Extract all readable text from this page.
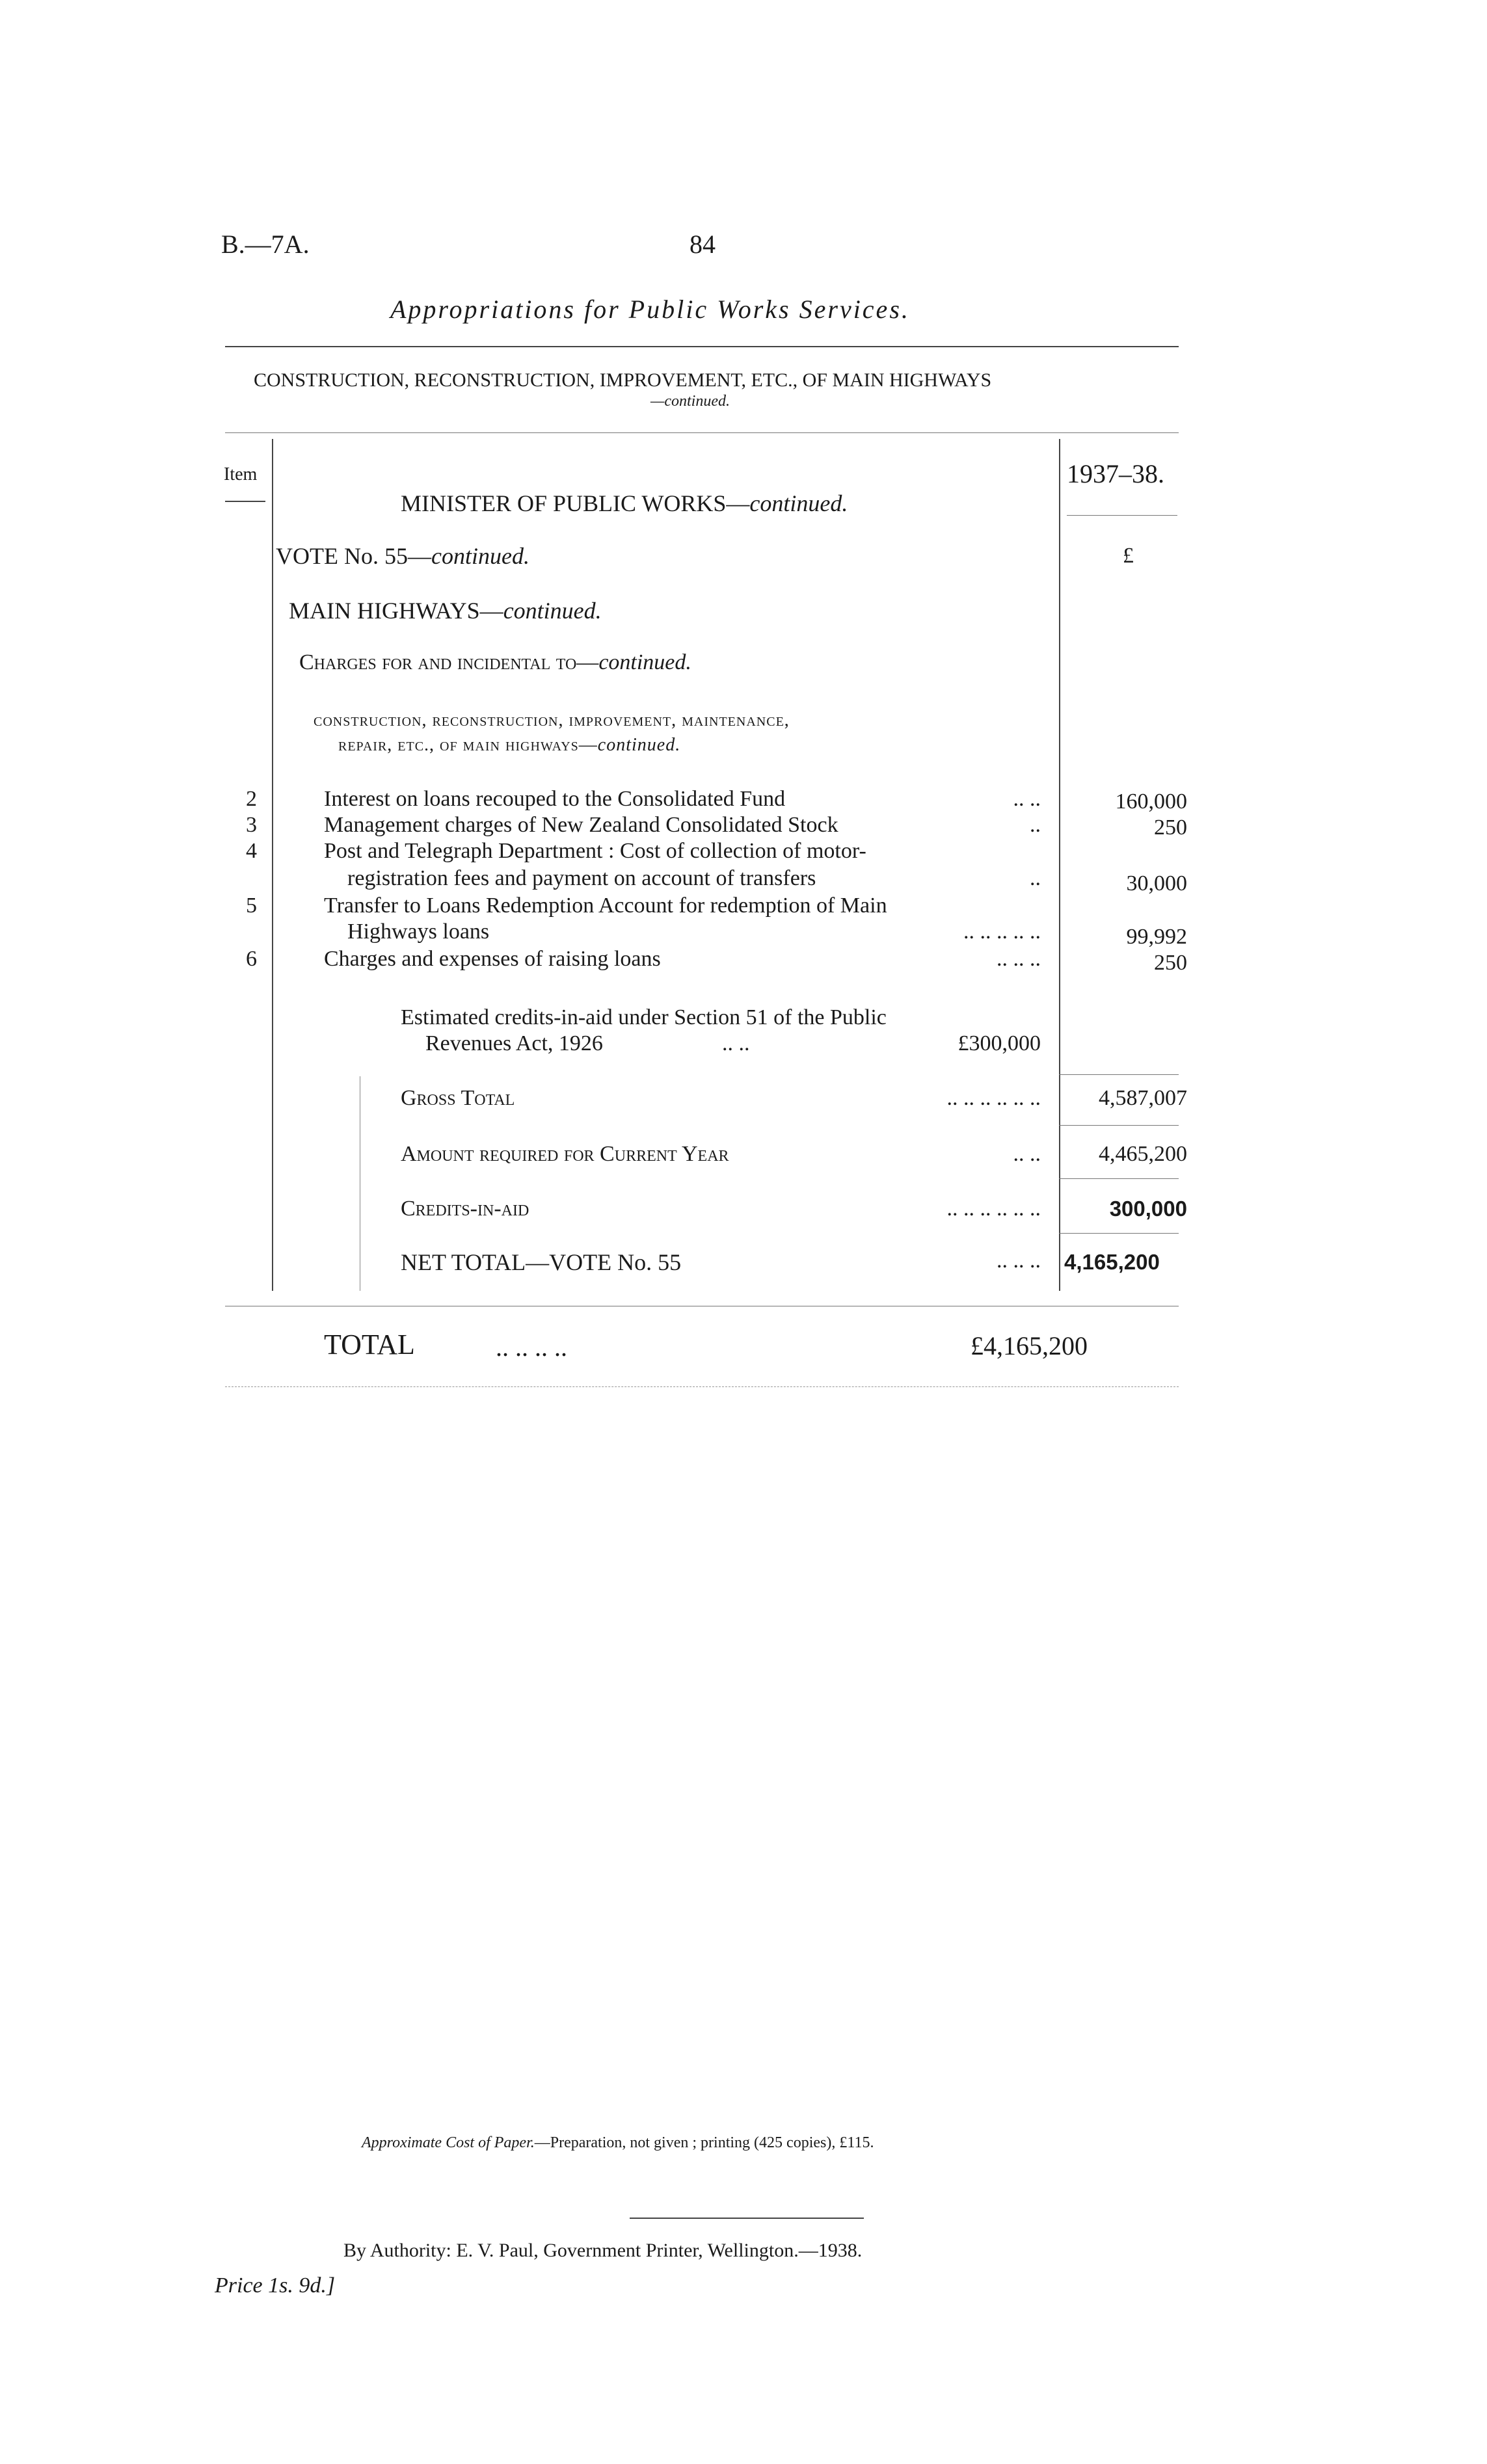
B.—7A.	84
Appropriations for Public Works Services.
CONSTRUCTION, RECONSTRUCTION, IMPROVEMENT, ETC., OF MAIN HIGHWAYS
—continued.
Item	1937–38.
£
MINISTER OF PUBLIC WORKS—continued.
VOTE No. 55—continued.
MAIN HIGHWAYS—continued.
Charges for and incidental to—continued.
construction, reconstruction, improvement, maintenance,
repair, etc., of main highways—continued.
2	Interest on loans recouped to the Consolidated Fund	.. ..	160,000
3	Management charges of New Zealand Consolidated Stock	..	250
4	Post and Telegraph Department : Cost of collection of motor-
registration fees and payment on account of transfers	..	30,000
5	Transfer to Loans Redemption Account for redemption of Main
Highways loans	.. .. .. .. ..	99,992
6	Charges and expenses of raising loans	.. .. ..	250
Estimated credits-in-aid under Section 51 of the Public
Revenues Act, 1926	.. ..	£300,000
Gross Total	.. .. .. .. .. ..	4,587,007
Amount required for Current Year	.. ..	4,465,200
Credits-in-aid	.. .. .. .. .. ..	300,000
NET TOTAL—VOTE No. 55	.. .. .. 4,165,200
TOTAL	.. .. .. ..	£4,165,200
Approximate Cost of Paper.—Preparation, not given ; printing (425 copies), £115.
By Authority: E. V. Paul, Government Printer, Wellington.—1938.
Price 1s. 9d.]
